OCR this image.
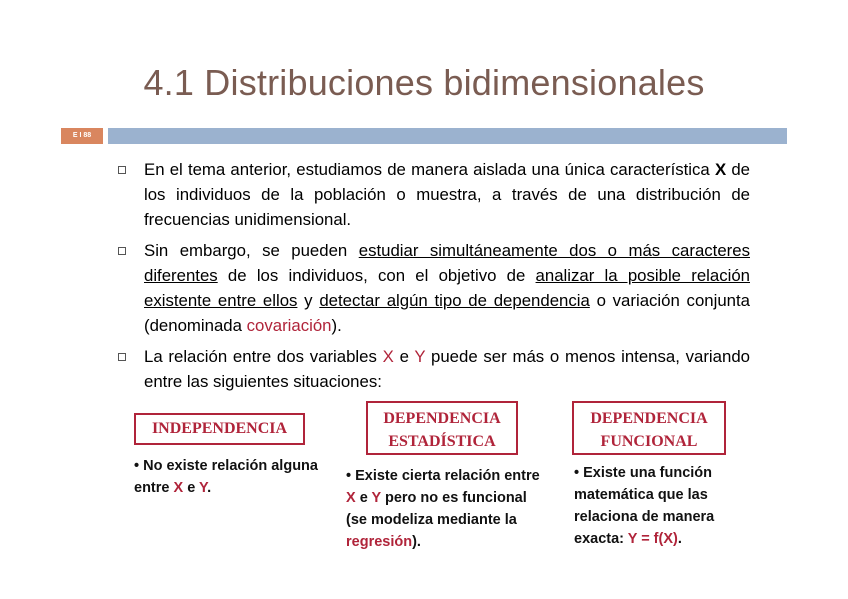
4.1 Distribuciones bidimensionales
E I 88
En el tema anterior, estudiamos de manera aislada una única característica X de los individuos de la población o muestra, a través de una distribución de frecuencias unidimensional.
Sin embargo, se pueden estudiar simultáneamente dos o más caracteres diferentes de los individuos, con el objetivo de analizar la posible relación existente entre ellos y detectar algún tipo de dependencia o variación conjunta (denominada covariación).
La relación entre dos variables X e Y puede ser más o menos intensa, variando entre las siguientes situaciones:
INDEPENDENCIA
DEPENDENCIA
ESTADÍSTICA
DEPENDENCIA
FUNCIONAL
• No existe relación alguna entre X e Y.
• Existe cierta relación entre X e Y pero no es funcional (se modeliza mediante la regresión).
• Existe una función matemática que las relaciona de manera exacta: Y = f(X).
